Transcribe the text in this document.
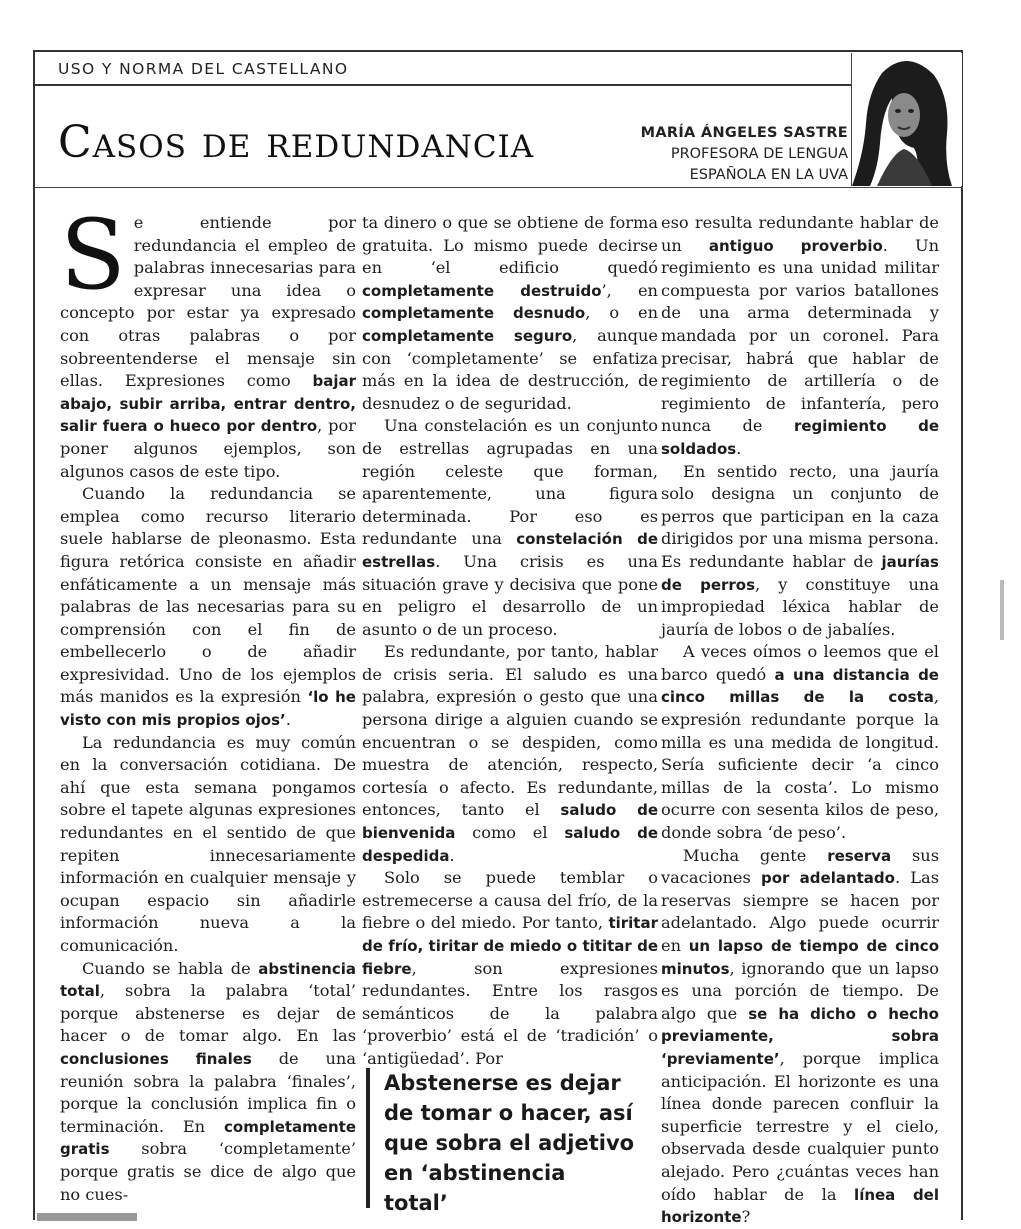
USO Y NORMA DEL CASTELLANO
Casos de redundancia	MARÍA ÁNGELES SASTRE
PROFESORA DE LENGUA
ESPAÑOLA EN LA UVA

Se entiende por redundancia el empleo de palabras innecesarias para expresar una idea o concepto por estar ya expresado con otras palabras o por sobreentenderse el mensaje sin ellas. Expresiones como bajar abajo, subir arriba, entrar dentro, salir fuera o hueco por dentro, por poner algunos ejemplos, son algunos casos de este tipo.

Cuando la redundancia se emplea como recurso literario suele hablarse de pleonasmo. Esta figura retórica consiste en añadir enfáticamente a un mensaje más palabras de las necesarias para su comprensión con el fin de embellecerlo o de añadir expresividad. Uno de los ejemplos más manidos es la expresión ‘lo he visto con mis propios ojos’.

La redundancia es muy común en la conversación cotidiana. De ahí que esta semana pongamos sobre el tapete algunas expresiones redundantes en el sentido de que repiten innecesariamente información en cualquier mensaje y ocupan espacio sin añadirle información nueva a la comunicación.

Cuando se habla de abstinencia total, sobra la palabra ‘total’ porque abstenerse es dejar de hacer o de tomar algo. En las conclusiones finales de una reunión sobra la palabra ‘finales’, porque la conclusión implica fin o terminación. En completamente gratis sobra ‘completamente’ porque gratis se dice de algo que no cues-

ta dinero o que se obtiene de forma gratuita. Lo mismo puede decirse en ‘el edificio quedó completamente destruido’, en completamente desnudo, o en completamente seguro, aunque con ‘completamente’ se enfatiza más en la idea de destrucción, de desnudez o de seguridad.

Una constelación es un conjunto de estrellas agrupadas en una región celeste que forman, aparentemente, una figura determinada. Por eso es redundante una constelación de estrellas. Una crisis es una situación grave y decisiva que pone en peligro el desarrollo de un asunto o de un proceso.

Es redundante, por tanto, hablar de crisis seria. El saludo es una palabra, expresión o gesto que una persona dirige a alguien cuando se encuentran o se despiden, como muestra de atención, respecto, cortesía o afecto. Es redundante, entonces, tanto el saludo de bienvenida como el saludo de despedida.

Solo se puede temblar o estremecerse a causa del frío, de la fiebre o del miedo. Por tanto, tiritar de frío, tiritar de miedo o tititar de fiebre, son expresiones redundantes. Entre los rasgos semánticos de la palabra ‘proverbio’ está el de ‘tradición’ o ‘antigüedad’. Por

eso resulta redundante hablar de un antiguo proverbio. Un regimiento es una unidad militar compuesta por varios batallones de una arma determinada y mandada por un coronel. Para precisar, habrá que hablar de regimiento de artillería o de regimiento de infantería, pero nunca de regimiento de soldados.

En sentido recto, una jauría solo designa un conjunto de perros que participan en la caza dirigidos por una misma persona. Es redundante hablar de jaurías de perros, y constituye una impropiedad léxica hablar de jauría de lobos o de jabalíes.

A veces oímos o leemos que el barco quedó a una distancia de cinco millas de la costa, expresión redundante porque la milla es una medida de longitud. Sería suficiente decir ‘a cinco millas de la costa’. Lo mismo ocurre con sesenta kilos de peso, donde sobra ‘de peso’.

Mucha gente reserva sus vacaciones por adelantado. Las reservas siempre se hacen por adelantado. Algo puede ocurrir en un lapso de tiempo de cinco minutos, ignorando que un lapso es una porción de tiempo. De algo que se ha dicho o hecho previamente, sobra ‘previamente’, porque implica anticipación. El horizonte es una línea donde parecen confluir la superficie terrestre y el cielo, observada desde cualquier punto alejado. Pero ¿cuántas veces han oído hablar de la línea del horizonte?

Abstenerse es dejar de tomar o hacer, así que sobra el adjetivo en ‘abstinencia total’
